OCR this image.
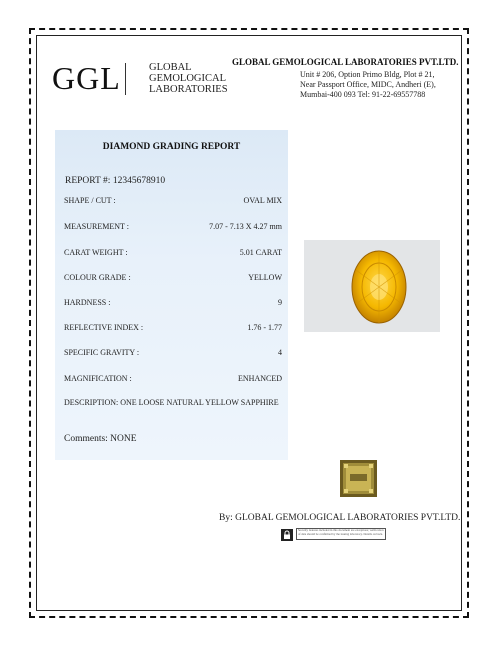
GGL	GLOBAL
GEMOLOGICAL
LABORATORIES
GLOBAL GEMOLOGICAL LABORATORIES PVT.LTD.
Unit # 206, Option Primo Bldg, Plot # 21,
Near Passport Office, MIDC, Andheri (E),
Mumbai-400 093 Tel: 91-22-69557788
DIAMOND GRADING REPORT
REPORT #: 12345678910
SHAPE / CUT :	OVAL MIX
MEASUREMENT :	7.07 - 7.13 X 4.27 mm
CARAT WEIGHT :	5.01 CARAT
COLOUR GRADE :	YELLOW
HARDNESS :	9
REFLECTIVE INDEX :	1.76 - 1.77
SPECIFIC GRAVITY :	4
MAGNIFICATION :	ENHANCED
DESCRIPTION: ONE LOOSE NATURAL YELLOW SAPPHIRE
Comments: NONE
By: GLOBAL GEMOLOGICAL LABORATORIES PVT.LTD.
Security features included in this document are exceptions; verification of data should be confirmed by the issuing laboratory. Details on back.
